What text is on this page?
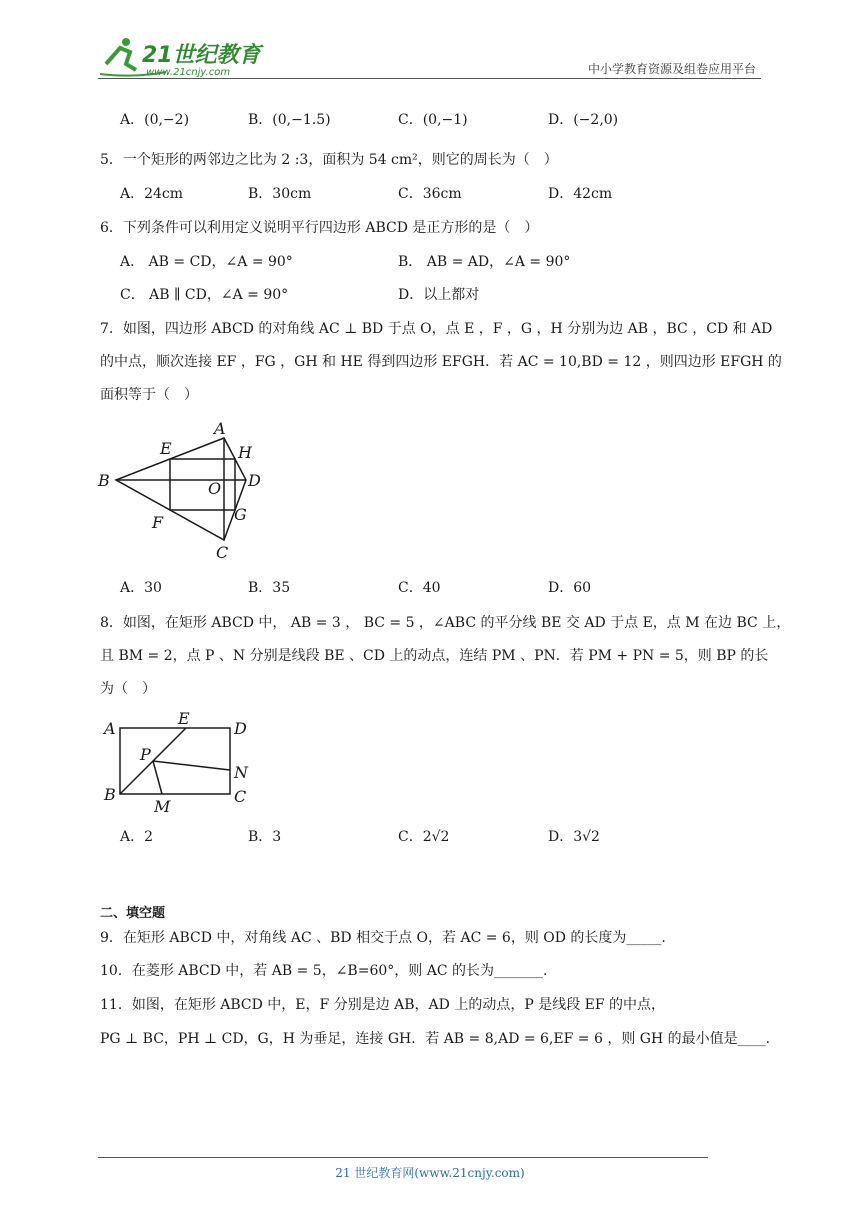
21世纪教育
www.21cnjy.com	中小学教育资源及组卷应用平台
A．(0,−2)	B．(0,−1.5)	C．(0,−1)	D．(−2,0)
5．一个矩形的两邻边之比为 2 :3，面积为 54 cm²，则它的周长为（　）
A．24cm	B．30cm	C．36cm	D．42cm
6．下列条件可以利用定义说明平行四边形 ABCD 是正方形的是（　）
A． AB = CD，∠A = 90°	B． AB = AD，∠A = 90°
C． AB ∥ CD，∠A = 90°	D．以上都对
7．如图，四边形 ABCD 的对角线 AC ⊥ BD 于点 O，点 E ，F ，G ，H 分别为边 AB ，BC ，CD 和 AD
的中点，顺次连接 EF ，FG ，GH 和 HE 得到四边形 EFGH．若 AC = 10,BD = 12 ，则四边形 EFGH 的
面积等于（　）
A
B
C
D
E
F	G
H
O
A．30	B．35	C．40	D．60
8．如图，在矩形 ABCD 中， AB = 3 ， BC = 5 ，∠ABC 的平分线 BE 交 AD 于点 E，点 M 在边 BC 上，
且 BM = 2，点 P 、N 分别是线段 BE 、CD 上的动点，连结 PM 、PN．若 PM + PN = 5，则 BP 的长
为（　）
A
B	C
D
E
P
N
M
A．2	B．3	C．2√2	D．3√2
二、填空题
9．在矩形 ABCD 中，对角线 AC 、BD 相交于点 O，若 AC = 6，则 OD 的长度为_____.
10．在菱形 ABCD 中，若 AB = 5，∠B=60°，则 AC 的长为_______.
11．如图，在矩形 ABCD 中，E，F 分别是边 AB，AD 上的动点，P 是线段 EF 的中点，
PG ⊥ BC，PH ⊥ CD，G，H 为垂足，连接 GH．若 AB = 8,AD = 6,EF = 6 ，则 GH 的最小值是____.
21 世纪教育网(www.21cnjy.com)
